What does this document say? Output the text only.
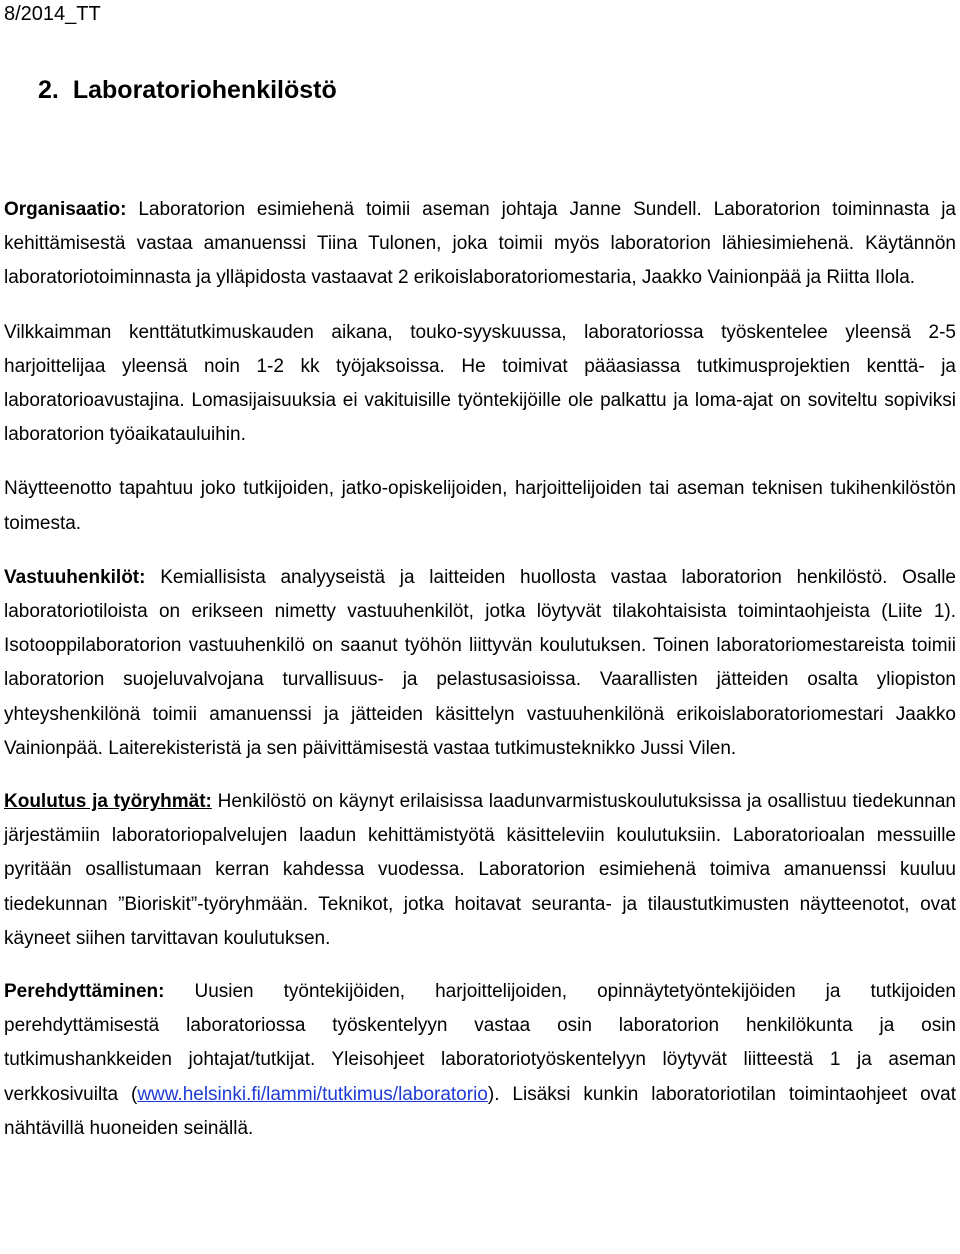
8/2014_TT
2. Laboratoriohenkilöstö

Organisaatio: Laboratorion esimiehenä toimii aseman johtaja Janne Sundell. Laboratorion toiminnasta ja kehittämisestä vastaa amanuenssi Tiina Tulonen, joka toimii myös laboratorion lähiesimiehenä. Käytännön laboratoriotoiminnasta ja ylläpidosta vastaavat 2 erikoislaboratoriomestaria, Jaakko Vainionpää ja Riitta Ilola.

Vilkkaimman kenttätutkimuskauden aikana, touko-syyskuussa, laboratoriossa työskentelee yleensä 2-5 harjoittelijaa yleensä noin 1-2 kk työjaksoissa. He toimivat pääasiassa tutkimusprojektien kenttä- ja laboratorioavustajina. Lomasijaisuuksia ei vakituisille työntekijöille ole palkattu ja loma-ajat on soviteltu sopiviksi laboratorion työaikatauluihin.

Näytteenotto tapahtuu joko tutkijoiden, jatko-opiskelijoiden, harjoittelijoiden tai aseman teknisen tukihenkilöstön toimesta.

Vastuuhenkilöt: Kemiallisista analyyseistä ja laitteiden huollosta vastaa laboratorion henkilöstö. Osalle laboratoriotiloista on erikseen nimetty vastuuhenkilöt, jotka löytyvät tilakohtaisista toimintaohjeista (Liite 1). Isotooppilaboratorion vastuuhenkilö on saanut työhön liittyvän koulutuksen. Toinen laboratoriomestareista toimii laboratorion suojeluvalvojana turvallisuus- ja pelastusasioissa. Vaarallisten jätteiden osalta yliopiston yhteyshenkilönä toimii amanuenssi ja jätteiden käsittelyn vastuuhenkilönä erikoislaboratoriomestari Jaakko Vainionpää. Laiterekisteristä ja sen päivittämisestä vastaa tutkimusteknikko Jussi Vilen.

Koulutus ja työryhmät: Henkilöstö on käynyt erilaisissa laadunvarmistuskoulutuksissa ja osallistuu tiedekunnan järjestämiin laboratoriopalvelujen laadun kehittämistyötä käsitteleviin koulutuksiin. Laboratorioalan messuille pyritään osallistumaan kerran kahdessa vuodessa. Laboratorion esimiehenä toimiva amanuenssi kuuluu tiedekunnan ”Bioriskit”-työryhmään. Teknikot, jotka hoitavat seuranta- ja tilaustutkimusten näytteenotot, ovat käyneet siihen tarvittavan koulutuksen.

Perehdyttäminen: Uusien työntekijöiden, harjoittelijoiden, opinnäytetyöntekijöiden ja tutkijoiden perehdyttämisestä laboratoriossa työskentelyyn vastaa osin laboratorion henkilökunta ja osin tutkimushankkeiden johtajat/tutkijat. Yleisohjeet laboratoriotyöskentelyyn löytyvät liitteestä 1 ja aseman verkkosivuilta (www.helsinki.fi/lammi/tutkimus/laboratorio). Lisäksi kunkin laboratoriotilan toimintaohjeet ovat nähtävillä huoneiden seinällä.
